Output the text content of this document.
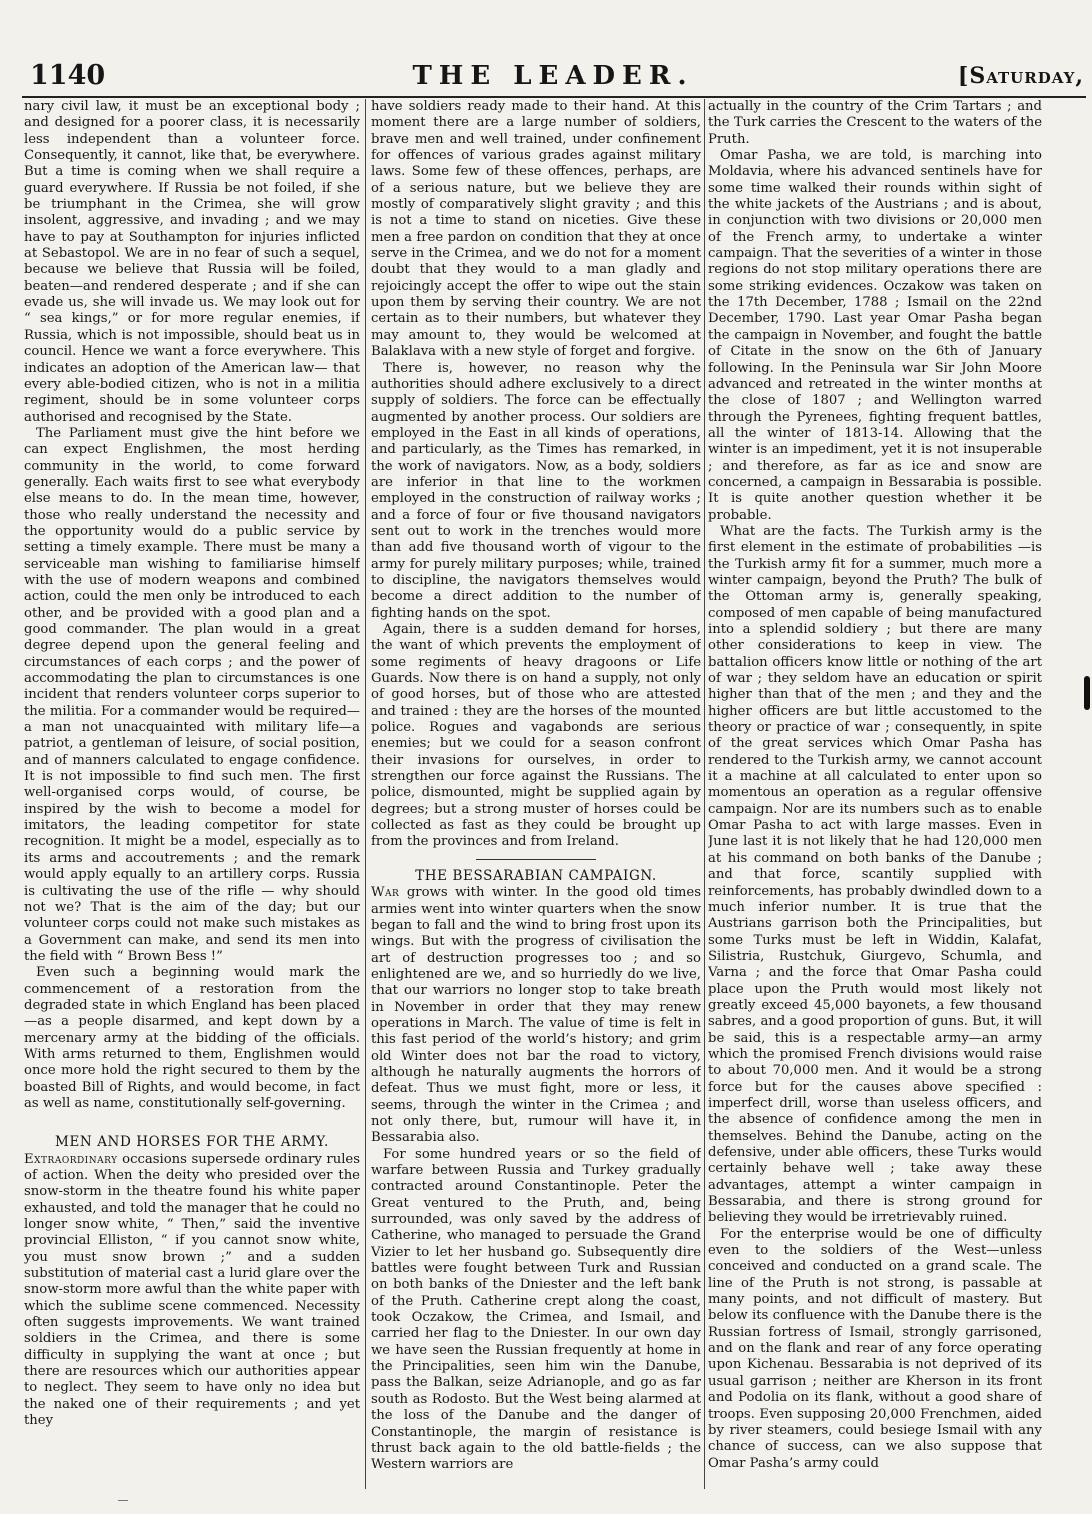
1140	THE LEADER.	[Saturday,

nary civil law, it must be an exceptional body ; and designed for a poorer class, it is necessarily less independent than a volunteer force. Consequently, it cannot, like that, be everywhere. But a time is coming when we shall require a guard everywhere. If Russia be not foiled, if she be triumphant in the Crimea, she will grow insolent, aggressive, and invading ; and we may have to pay at Southampton for injuries inflicted at Sebastopol. We are in no fear of such a sequel, because we believe that Russia will be foiled, beaten—and rendered desperate ; and if she can evade us, she will invade us. We may look out for “ sea kings,” or for more regular enemies, if Russia, which is not impossible, should beat us in council. Hence we want a force everywhere. This indicates an adoption of the American law— that every able-bodied citizen, who is not in a militia regiment, should be in some volunteer corps authorised and recognised by the State.

The Parliament must give the hint before we can expect Englishmen, the most herding community in the world, to come forward generally. Each waits first to see what everybody else means to do. In the mean time, however, those who really understand the necessity and the opportunity would do a public service by setting a timely example. There must be many a serviceable man wishing to familiarise himself with the use of modern weapons and combined action, could the men only be introduced to each other, and be provided with a good plan and a good commander. The plan would in a great degree depend upon the general feeling and circumstances of each corps ; and the power of accommodating the plan to circumstances is one incident that renders volunteer corps superior to the militia. For a commander would be required—a man not unacquainted with military life—a patriot, a gentleman of leisure, of social position, and of manners calculated to engage confidence. It is not impossible to find such men. The first well-organised corps would, of course, be inspired by the wish to become a model for imitators, the leading competitor for state recognition. It might be a model, especially as to its arms and accoutrements ; and the remark would apply equally to an artillery corps. Russia is cultivating the use of the rifle — why should not we? That is the aim of the day; but our volunteer corps could not make such mistakes as a Government can make, and send its men into the field with “ Brown Bess !”

Even such a beginning would mark the commencement of a restoration from the degraded state in which England has been placed—as a people disarmed, and kept down by a mercenary army at the bidding of the officials. With arms returned to them, Englishmen would once more hold the right secured to them by the boasted Bill of Rights, and would become, in fact as well as name, constitutionally self-governing.

MEN AND HORSES FOR THE ARMY.

Extraordinary occasions supersede ordinary rules of action. When the deity who presided over the snow-storm in the theatre found his white paper exhausted, and told the manager that he could no longer snow white, “ Then,” said the inventive provincial Elliston, “ if you cannot snow white, you must snow brown ;” and a sudden substitution of material cast a lurid glare over the snow-storm more awful than the white paper with which the sublime scene commenced. Necessity often suggests improvements. We want trained soldiers in the Crimea, and there is some difficulty in supplying the want at once ; but there are resources which our authorities appear to neglect. They seem to have only no idea but the naked one of their requirements ; and yet they

have soldiers ready made to their hand. At this moment there are a large number of soldiers, brave men and well trained, under confinement for offences of various grades against military laws. Some few of these offences, perhaps, are of a serious nature, but we believe they are mostly of comparatively slight gravity ; and this is not a time to stand on niceties. Give these men a free pardon on condition that they at once serve in the Crimea, and we do not for a moment doubt that they would to a man gladly and rejoicingly accept the offer to wipe out the stain upon them by serving their country. We are not certain as to their numbers, but whatever they may amount to, they would be welcomed at Balaklava with a new style of forget and forgive.

There is, however, no reason why the authorities should adhere exclusively to a direct supply of soldiers. The force can be effectually augmented by another process. Our soldiers are employed in the East in all kinds of operations, and particularly, as the Times has remarked, in the work of navigators. Now, as a body, soldiers are inferior in that line to the workmen employed in the construction of railway works ; and a force of four or five thousand navigators sent out to work in the trenches would more than add five thousand worth of vigour to the army for purely military purposes; while, trained to discipline, the navigators themselves would become a direct addition to the number of fighting hands on the spot.

Again, there is a sudden demand for horses, the want of which prevents the employment of some regiments of heavy dragoons or Life Guards. Now there is on hand a supply, not only of good horses, but of those who are attested and trained : they are the horses of the mounted police. Rogues and vagabonds are serious enemies; but we could for a season confront their invasions for ourselves, in order to strengthen our force against the Russians. The police, dismounted, might be supplied again by degrees; but a strong muster of horses could be collected as fast as they could be brought up from the provinces and from Ireland.

THE BESSARABIAN CAMPAIGN.

War grows with winter. In the good old times armies went into winter quarters when the snow began to fall and the wind to bring frost upon its wings. But with the progress of civilisation the art of destruction progresses too ; and so enlightened are we, and so hurriedly do we live, that our warriors no longer stop to take breath in November in order that they may renew operations in March. The value of time is felt in this fast period of the world’s history; and grim old Winter does not bar the road to victory, although he naturally augments the horrors of defeat. Thus we must fight, more or less, it seems, through the winter in the Crimea ; and not only there, but, rumour will have it, in Bessarabia also.

For some hundred years or so the field of warfare between Russia and Turkey gradually contracted around Constantinople. Peter the Great ventured to the Pruth, and, being surrounded, was only saved by the address of Catherine, who managed to persuade the Grand Vizier to let her husband go. Subsequently dire battles were fought between Turk and Russian on both banks of the Dniester and the left bank of the Pruth. Catherine crept along the coast, took Oczakow, the Crimea, and Ismail, and carried her flag to the Dniester. In our own day we have seen the Russian frequently at home in the Principalities, seen him win the Danube, pass the Balkan, seize Adrianople, and go as far south as Rodosto. But the West being alarmed at the loss of the Danube and the danger of Constantinople, the margin of resistance is thrust back again to the old battle-fields ; the Western warriors are

actually in the country of the Crim Tartars ; and the Turk carries the Crescent to the waters of the Pruth.

Omar Pasha, we are told, is marching into Moldavia, where his advanced sentinels have for some time walked their rounds within sight of the white jackets of the Austrians ; and is about, in conjunction with two divisions or 20,000 men of the French army, to undertake a winter campaign. That the severities of a winter in those regions do not stop military operations there are some striking evidences. Oczakow was taken on the 17th December, 1788 ; Ismail on the 22nd December, 1790. Last year Omar Pasha began the campaign in November, and fought the battle of Citate in the snow on the 6th of January following. In the Peninsula war Sir John Moore advanced and retreated in the winter months at the close of 1807 ; and Wellington warred through the Pyrenees, fighting frequent battles, all the winter of 1813-14. Allowing that the winter is an impediment, yet it is not insuperable ; and therefore, as far as ice and snow are concerned, a campaign in Bessarabia is possible. It is quite another question whether it be probable.

What are the facts. The Turkish army is the first element in the estimate of probabilities —is the Turkish army fit for a summer, much more a winter campaign, beyond the Pruth? The bulk of the Ottoman army is, generally speaking, composed of men capable of being manufactured into a splendid soldiery ; but there are many other considerations to keep in view. The battalion officers know little or nothing of the art of war ; they seldom have an education or spirit higher than that of the men ; and they and the higher officers are but little accustomed to the theory or practice of war ; consequently, in spite of the great services which Omar Pasha has rendered to the Turkish army, we cannot account it a machine at all calculated to enter upon so momentous an operation as a regular offensive campaign. Nor are its numbers such as to enable Omar Pasha to act with large masses. Even in June last it is not likely that he had 120,000 men at his command on both banks of the Danube ; and that force, scantily supplied with reinforcements, has probably dwindled down to a much inferior number. It is true that the Austrians garrison both the Principalities, but some Turks must be left in Widdin, Kalafat, Silistria, Rustchuk, Giurgevo, Schumla, and Varna ; and the force that Omar Pasha could place upon the Pruth would most likely not greatly exceed 45,000 bayonets, a few thousand sabres, and a good proportion of guns. But, it will be said, this is a respectable army—an army which the promised French divisions would raise to about 70,000 men. And it would be a strong force but for the causes above specified : imperfect drill, worse than useless officers, and the absence of confidence among the men in themselves. Behind the Danube, acting on the defensive, under able officers, these Turks would certainly behave well ; take away these advantages, attempt a winter campaign in Bessarabia, and there is strong ground for believing they would be irretrievably ruined.

For the enterprise would be one of difficulty even to the soldiers of the West—unless conceived and conducted on a grand scale. The line of the Pruth is not strong, is passable at many points, and not difficult of mastery. But below its confluence with the Danube there is the Russian fortress of Ismail, strongly garrisoned, and on the flank and rear of any force operating upon Kichenau. Bessarabia is not deprived of its usual garrison ; neither are Kherson in its front and Podolia on its flank, without a good share of troops. Even supposing 20,000 Frenchmen, aided by river steamers, could besiege Ismail with any chance of success, can we also suppose that Omar Pasha’s army could
